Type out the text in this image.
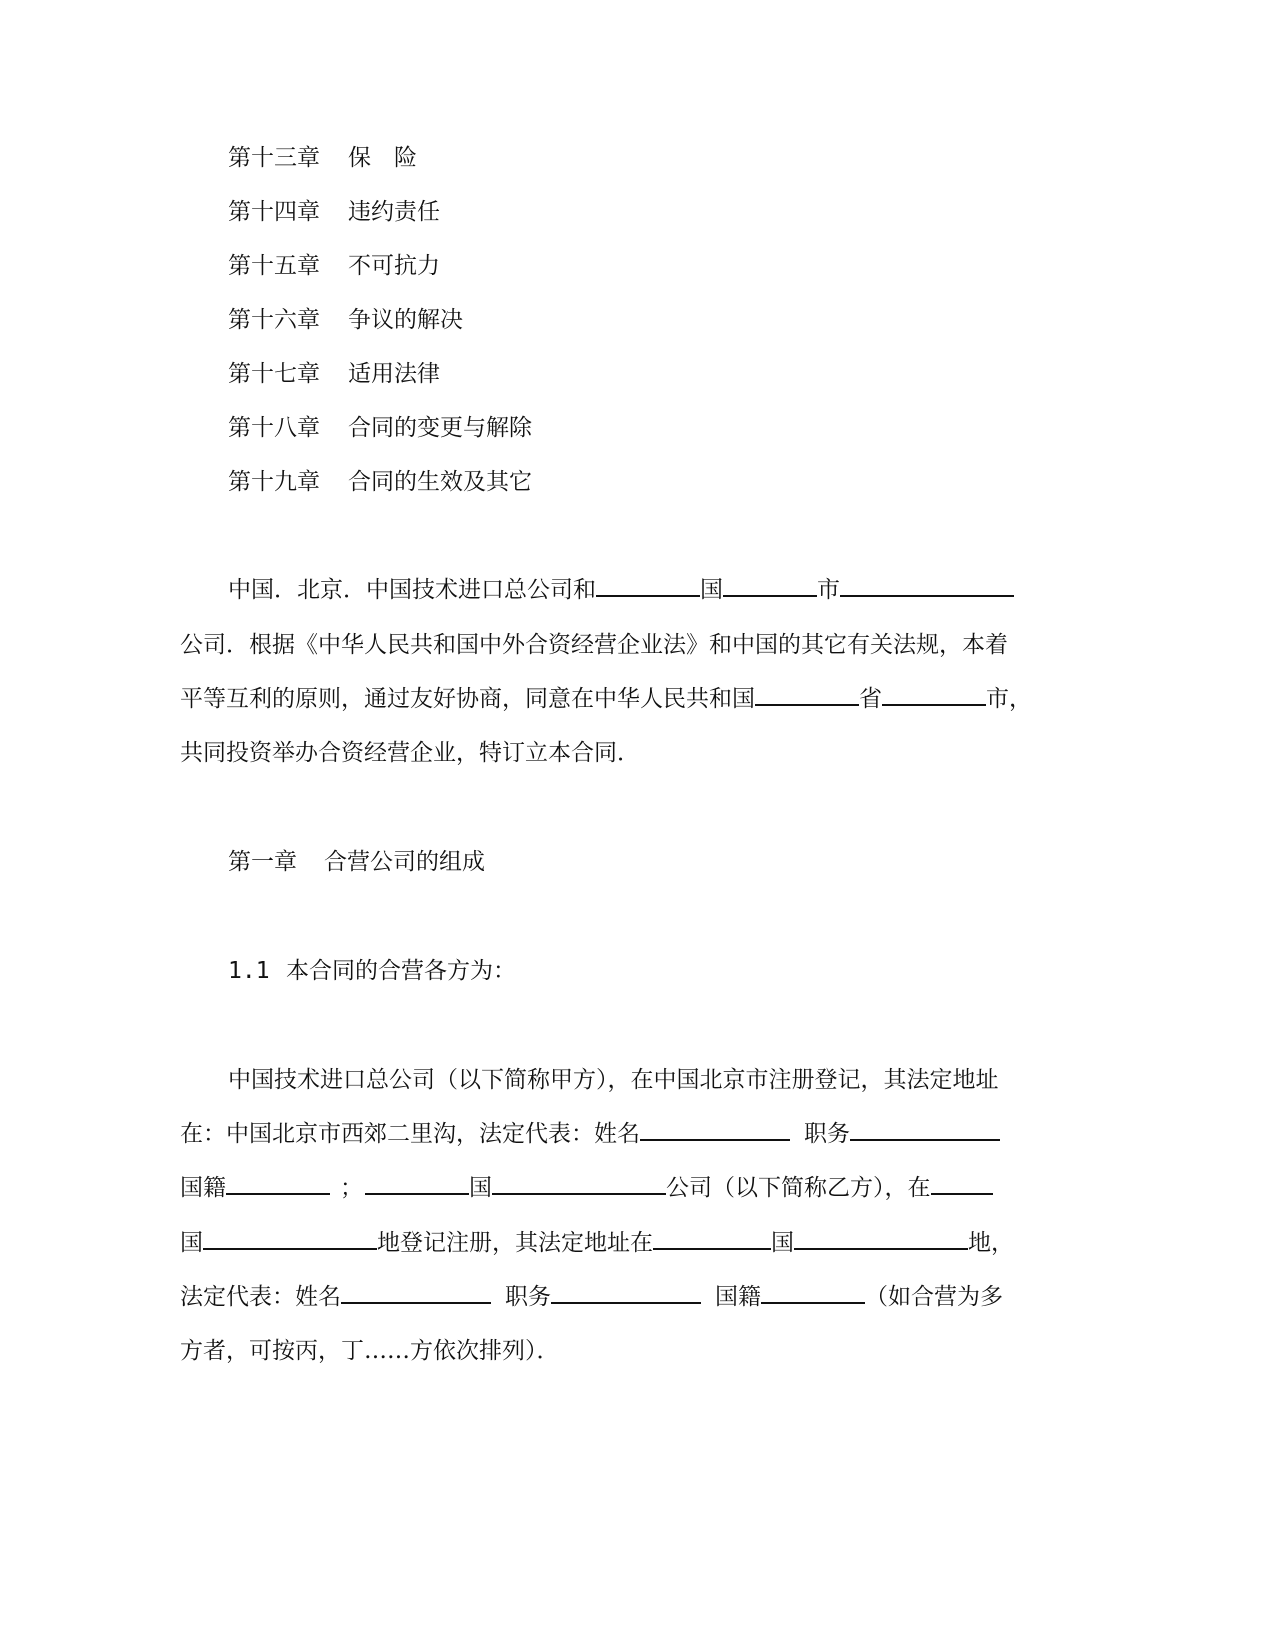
第十三章 保　险
第十四章 违约责任
第十五章 不可抗力
第十六章 争议的解决
第十七章 适用法律
第十八章 合同的变更与解除
第十九章 合同的生效及其它
中国．北京．中国技术进口总公司和	国	市
公司．根据《中华人民共和国中外合资经营企业法》和中国的其它有关法规，本着
平等互利的原则，通过友好协商，同意在中华人民共和国	省	市，
共同投资举办合资经营企业，特订立本合同．
第一章 合营公司的组成
1.1 本合同的合营各方为：
中国技术进口总公司（以下简称甲方），在中国北京市注册登记，其法定地址
在：中国北京市西郊二里沟，法定代表：姓名	职务
国籍	；	国	公司（以下简称乙方），在
国	地登记注册，其法定地址在	国	地，
法定代表：姓名	职务	国籍	（如合营为多
方者，可按丙，丁……方依次排列）．
